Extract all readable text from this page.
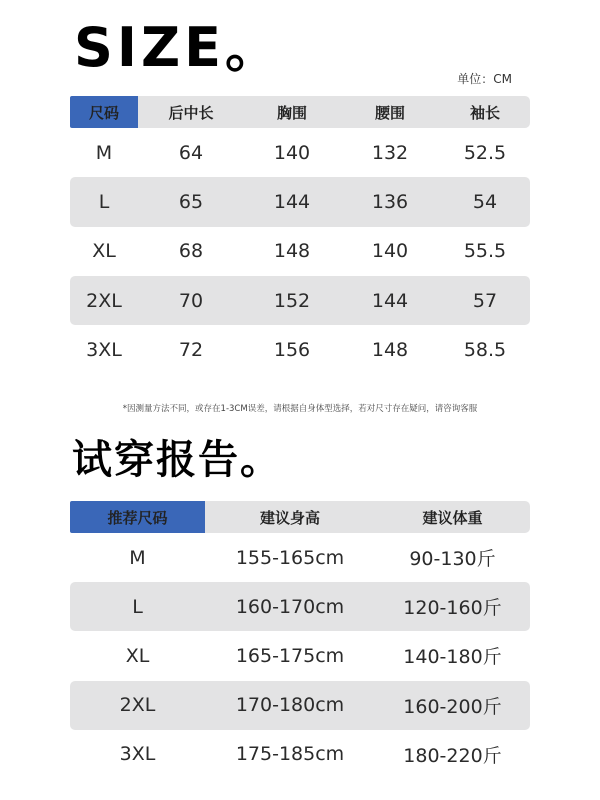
SIZE。	单位：CM
尺码	后中长	胸围	腰围	袖长
M	64	140	132	52.5
L	65	144	136	54
XL	68	148	140	55.5
2XL	70	152	144	57
3XL	72	156	148	58.5
*因测量方法不同，或存在1-3CM误差，请根据自身体型选择，若对尺寸存在疑问，请咨询客服
试穿报告。
推荐尺码	建议身高	建议体重
M	155-165cm	90-130斤
L	160-170cm	120-160斤
XL	165-175cm	140-180斤
2XL	170-180cm	160-200斤
3XL	175-185cm	180-220斤
